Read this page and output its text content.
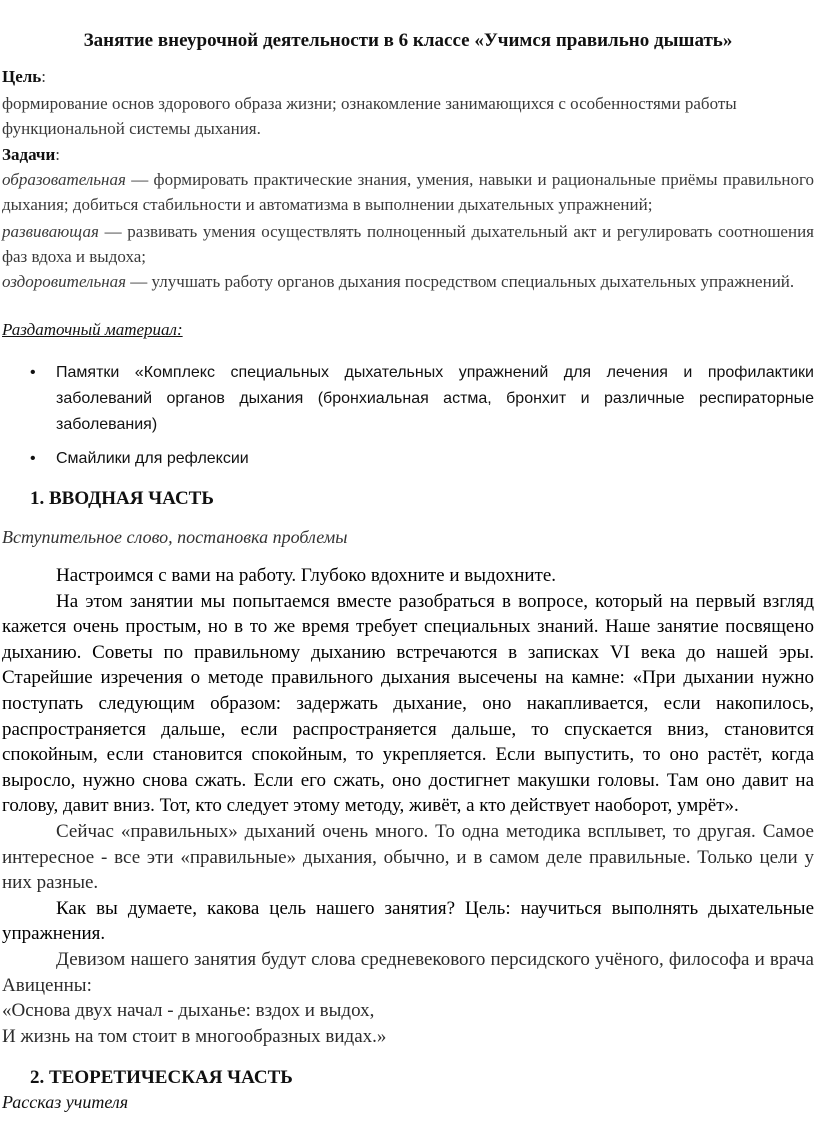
Занятие внеурочной деятельности в 6 классе «Учимся правильно дышать»
Цель:
формирование основ здорового образа жизни; ознакомление занимающихся с особенностями работы функциональной системы дыхания.
Задачи:
образовательная — формировать практические знания, умения, навыки и рациональные приёмы правильного дыхания; добиться стабильности и автоматизма в выполнении дыхательных упражнений;
развивающая — развивать умения осуществлять полноценный дыхательный акт и регулировать соотношения фаз вдоха и выдоха;
оздоровительная — улучшать работу органов дыхания посредством специальных дыхательных упражнений.
Раздаточный материал:
• Памятки «Комплекс специальных дыхательных упражнений для лечения и профилактики заболеваний органов дыхания (бронхиальная астма, бронхит и различные респираторные заболевания)
• Смайлики для рефлексии
1. ВВОДНАЯ ЧАСТЬ
Вступительное слово, постановка проблемы

Настроимся с вами на работу. Глубоко вдохните и выдохните.

На этом занятии мы попытаемся вместе разобраться в вопросе, который на первый взгляд кажется очень простым, но в то же время требует специальных знаний. Наше занятие посвящено дыханию. Советы по правильному дыханию встречаются в записках VI века до нашей эры. Старейшие изречения о методе правильного дыхания высечены на камне: «При дыхании нужно поступать следующим образом: задержать дыхание, оно накапливается, если накопилось, распространяется дальше, если распространяется дальше, то спускается вниз, становится спокойным, если становится спокойным, то укрепляется. Если выпустить, то оно растёт, когда выросло, нужно снова сжать. Если его сжать, оно достигнет макушки головы. Там оно давит на голову, давит вниз. Тот, кто следует этому методу, живёт, а кто действует наоборот, умрёт».

Сейчас «правильных» дыханий очень много. То одна методика всплывет, то другая. Самое интересное - все эти «правильные» дыхания, обычно, и в самом деле правильные. Только цели у них разные.

Как вы думаете, какова цель нашего занятия? Цель: научиться выполнять дыхательные упражнения.

Девизом нашего занятия будут слова средневекового персидского учёного, философа и врача Авиценны:

«Основа двух начал - дыханье: вздох и выдох,

И жизнь на том стоит в многообразных видах.»

2. ТЕОРЕТИЧЕСКАЯ ЧАСТЬ
Рассказ учителя
